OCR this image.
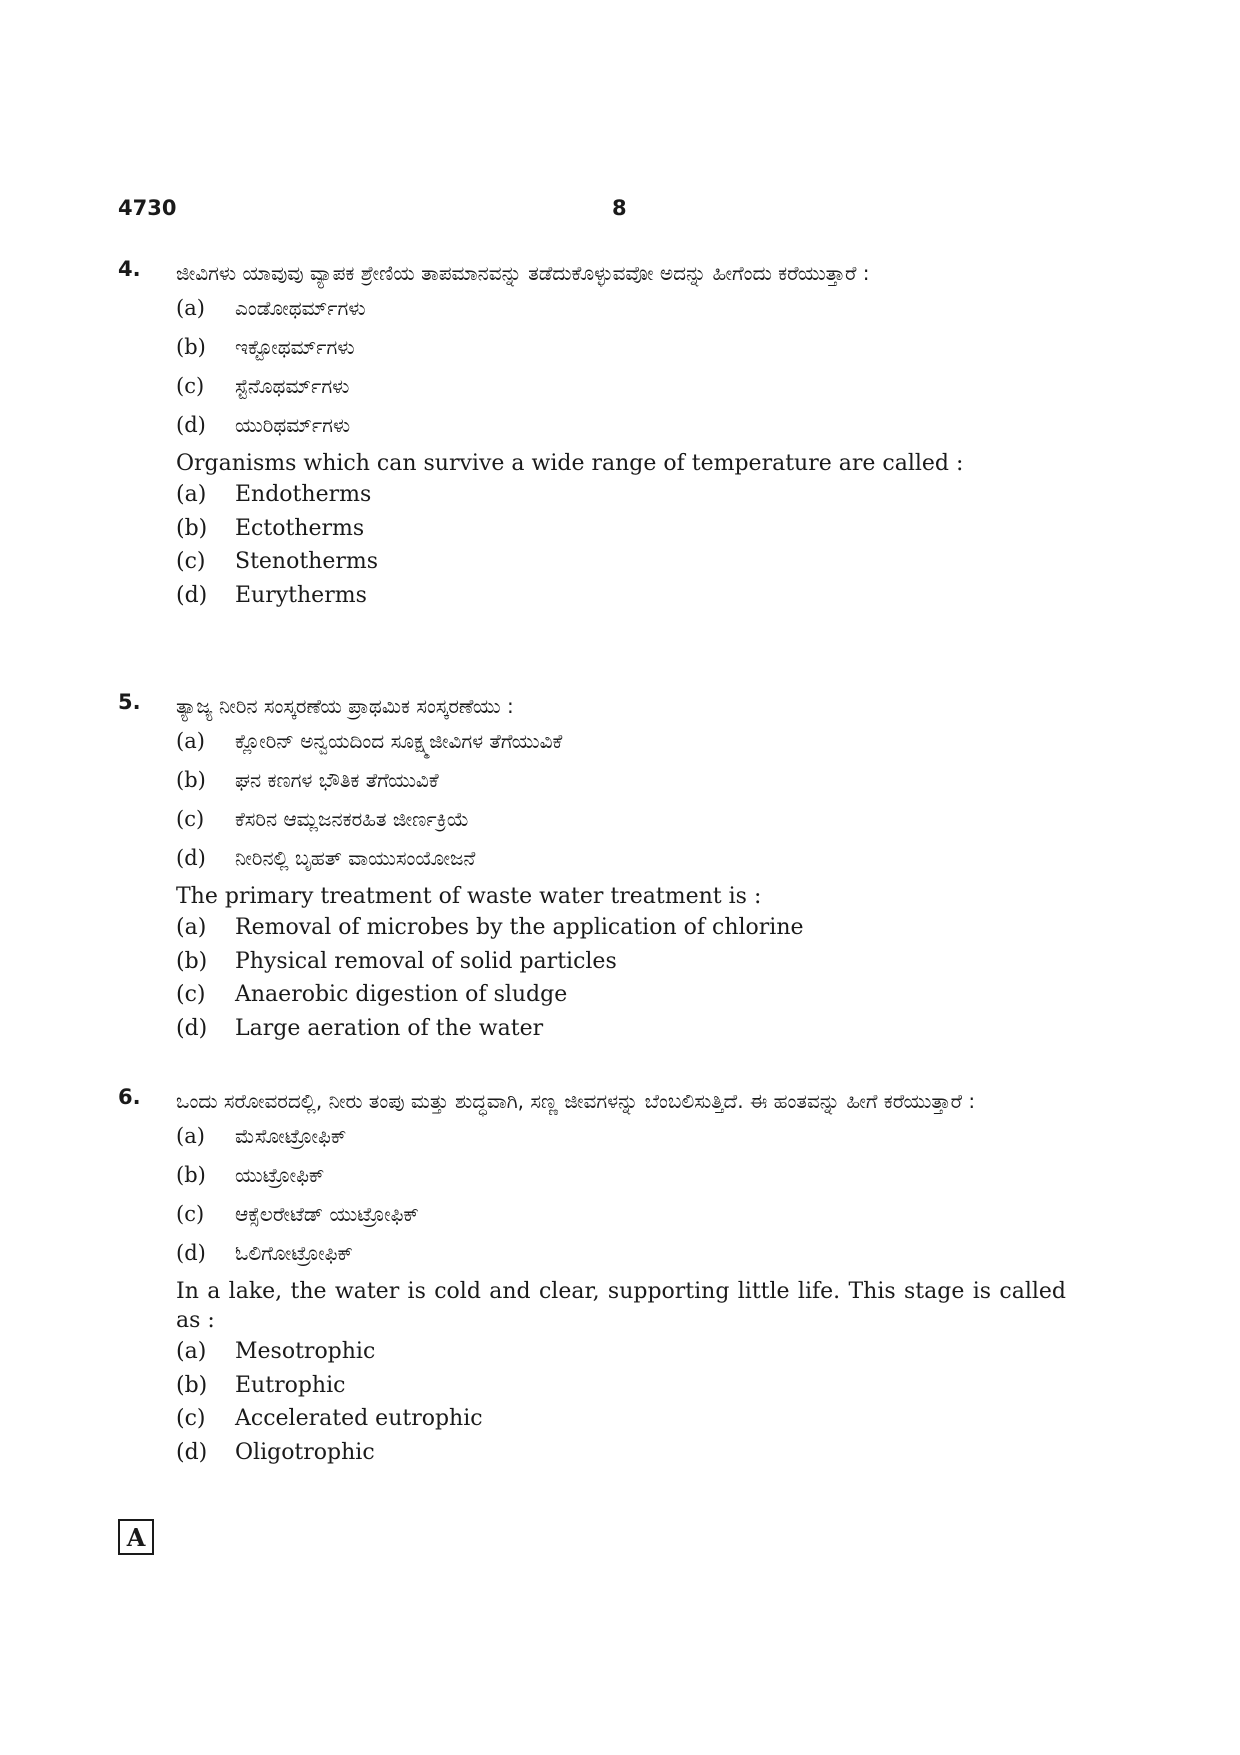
4730	8
4. ಜೀವಿಗಳು ಯಾವುವು ವ್ಯಾಪಕ ಶ್ರೇಣಿಯ ತಾಪಮಾನವನ್ನು ತಡೆದುಕೊಳ್ಳುವವೋ ಅದನ್ನು ಹೀಗೆಂದು ಕರೆಯುತ್ತಾರೆ :
(a)	ಎಂಡೋಥರ್ಮ್‌ಗಳು
(b)	ಇಕ್ಟೋಥರ್ಮ್‌ಗಳು
(c)	ಸ್ಟೆನೊಥರ್ಮ್‌ಗಳು
(d)	ಯುರಿಥರ್ಮ್‌ಗಳು
Organisms which can survive a wide range of temperature are called :
(a)	Endotherms
(b)	Ectotherms
(c)	Stenotherms
(d)	Eurytherms
5. ತ್ಯಾಜ್ಯ ನೀರಿನ ಸಂಸ್ಕರಣೆಯ ಪ್ರಾಥಮಿಕ ಸಂಸ್ಕರಣೆಯು :
(a)	ಕ್ಲೋರಿನ್ ಅನ್ವಯದಿಂದ ಸೂಕ್ಷ್ಮಜೀವಿಗಳ ತೆಗೆಯುವಿಕೆ
(b)	ಘನ ಕಣಗಳ ಭೌತಿಕ ತೆಗೆಯುವಿಕೆ
(c)	ಕೆಸರಿನ ಆಮ್ಲಜನಕರಹಿತ ಜೀರ್ಣಕ್ರಿಯೆ
(d)	ನೀರಿನಲ್ಲಿ ಬೃಹತ್ ವಾಯುಸಂಯೋಜನೆ
The primary treatment of waste water treatment is :
(a)	Removal of microbes by the application of chlorine
(b)	Physical removal of solid particles
(c)	Anaerobic digestion of sludge
(d)	Large aeration of the water
6. ಒಂದು ಸರೋವರದಲ್ಲಿ, ನೀರು ತಂಪು ಮತ್ತು ಶುದ್ಧವಾಗಿ, ಸಣ್ಣ ಜೀವಗಳನ್ನು ಬೆಂಬಲಿಸುತ್ತಿದೆ. ಈ ಹಂತವನ್ನು ಹೀಗೆ ಕರೆಯುತ್ತಾರೆ :
(a)	ಮೆಸೋಟ್ರೋಫಿಕ್
(b)	ಯುಟ್ರೋಫಿಕ್
(c)	ಆಕ್ಸೆಲರೇಟೆಡ್ ಯುಟ್ರೋಫಿಕ್
(d)	ಓಲಿಗೋಟ್ರೋಫಿಕ್
In a lake, the water is cold and clear, supporting little life. This stage is called as :
(a)	Mesotrophic
(b)	Eutrophic
(c)	Accelerated eutrophic
(d)	Oligotrophic
A
